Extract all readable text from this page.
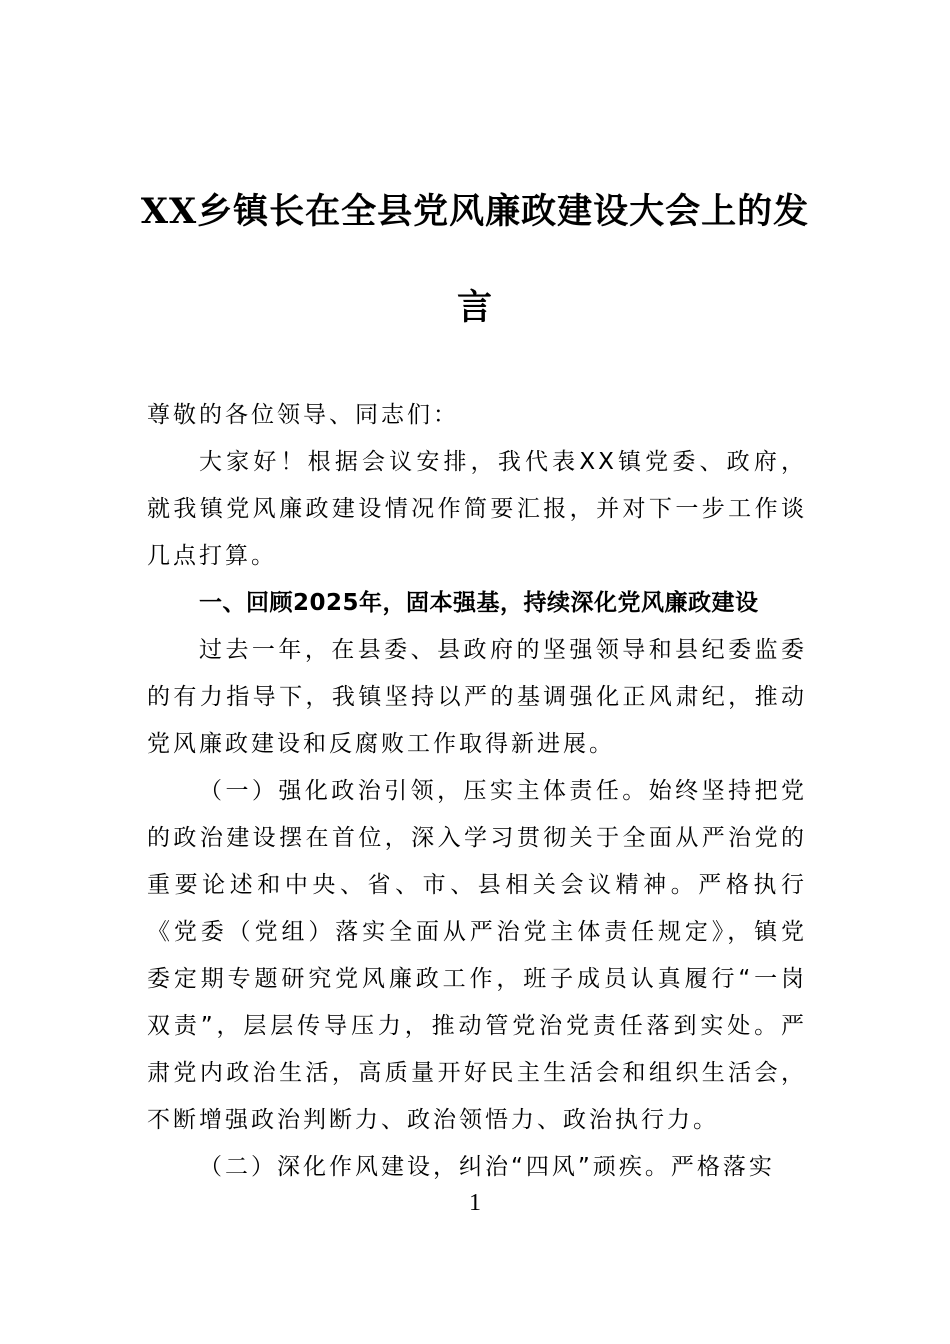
XX乡镇长在全县党风廉政建设大会上的发言

尊敬的各位领导、同志们：

大家好！根据会议安排，我代表XX镇党委、政府，就我镇党风廉政建设情况作简要汇报，并对下一步工作谈几点打算。

一、回顾2025年，固本强基，持续深化党风廉政建设

过去一年，在县委、县政府的坚强领导和县纪委监委的有力指导下，我镇坚持以严的基调强化正风肃纪，推动党风廉政建设和反腐败工作取得新进展。

（一）强化政治引领，压实主体责任。始终坚持把党的政治建设摆在首位，深入学习贯彻关于全面从严治党的重要论述和中央、省、市、县相关会议精神。严格执行《党委（党组）落实全面从严治党主体责任规定》，镇党委定期专题研究党风廉政工作，班子成员认真履行“一岗双责”，层层传导压力，推动管党治党责任落到实处。严肃党内政治生活，高质量开好民主生活会和组织生活会，不断增强政治判断力、政治领悟力、政治执行力。

（二）深化作风建设，纠治“四风”顽疾。严格落实

1
